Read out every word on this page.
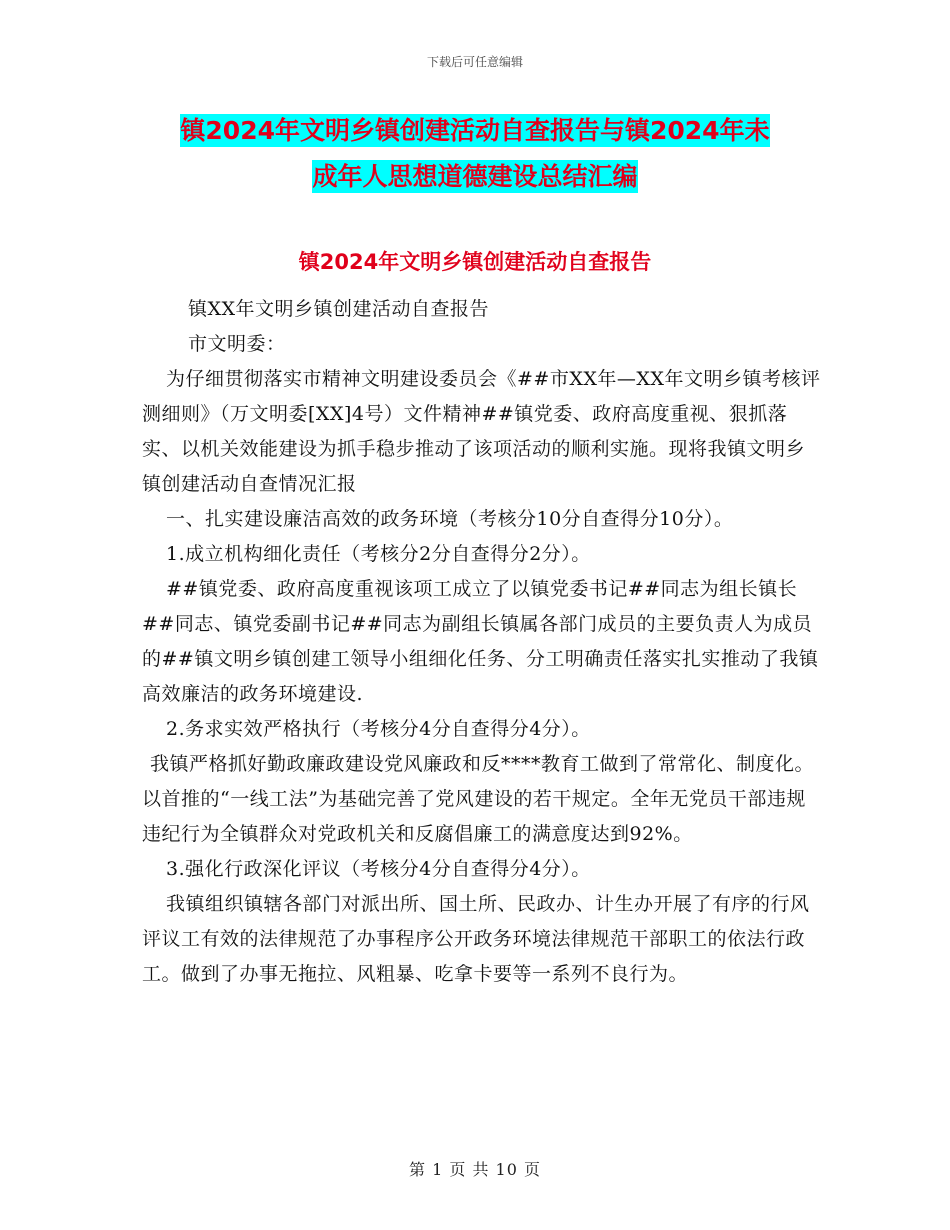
下载后可任意编辑
镇2024年文明乡镇创建活动自查报告与镇2024年未
成年人思想道德建设总结汇编
镇2024年文明乡镇创建活动自查报告

镇XX年文明乡镇创建活动自查报告

市文明委：

为仔细贯彻落实市精神文明建设委员会《##市XX年—XX年文明乡镇考核评测细则》（万文明委[XX]4号）文件精神##镇党委、政府高度重视、狠抓落实、以机关效能建设为抓手稳步推动了该项活动的顺利实施。现将我镇文明乡镇创建活动自查情况汇报

一、扎实建设廉洁高效的政务环境（考核分10分自查得分10分）。

1.成立机构细化责任（考核分2分自查得分2分）。

##镇党委、政府高度重视该项工成立了以镇党委书记##同志为组长镇长##同志、镇党委副书记##同志为副组长镇属各部门成员的主要负责人为成员的##镇文明乡镇创建工领导小组细化任务、分工明确责任落实扎实推动了我镇高效廉洁的政务环境建设.

2.务求实效严格执行（考核分4分自查得分4分）。

我镇严格抓好勤政廉政建设党风廉政和反****教育工做到了常常化、制度化。以首推的“一线工法”为基础完善了党风建设的若干规定。全年无党员干部违规违纪行为全镇群众对党政机关和反腐倡廉工的满意度达到92%。

3.强化行政深化评议（考核分4分自查得分4分）。

我镇组织镇辖各部门对派出所、国土所、民政办、计生办开展了有序的行风评议工有效的法律规范了办事程序公开政务环境法律规范干部职工的依法行政工。做到了办事无拖拉、风粗暴、吃拿卡要等一系列不良行为。

第 1 页 共 10 页
